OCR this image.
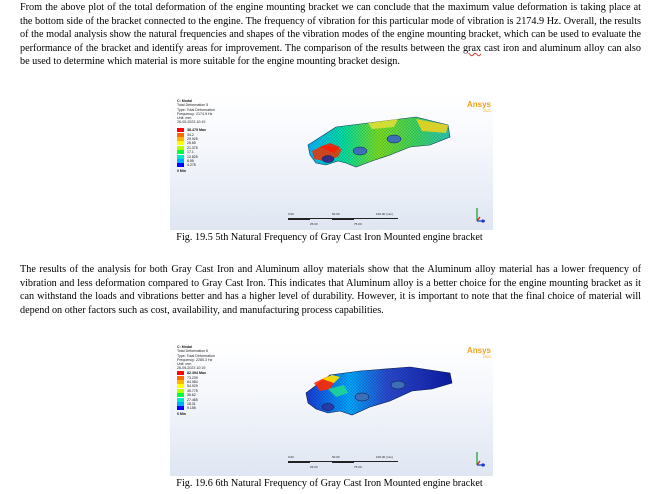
From the above plot of the total deformation of the engine mounting bracket we can conclude that the maximum value deformation is taking place at the bottom side of the bracket connected to the engine. The frequency of vibration for this particular mode of vibration is 2174.9 Hz. Overall, the results of the modal analysis show the natural frequencies and shapes of the vibration modes of the engine mounting bracket, which can be used to evaluate the performance of the bracket and identify areas for improvement. The comparison of the results between the grax cast iron and aluminum alloy can also be used to determine which material is more suitable for the engine mounting bracket design.

C: Modal
Total Deformation 5
Type: Total Deformation
Frequency: 2174.9 Hz
Unit: mm
26-05-2023 10:19
38.479 Max
34.2
29.925
25.65
21.375
17.1
12.825
8.55
4.275
0 Min
Ansys
2021
0.00	50.00	100.00 (mm)
25.00	75.00
Fig. 19.5 5th Natural Frequency of Gray Cast Iron Mounted engine bracket

The results of the analysis for both Gray Cast Iron and Aluminum alloy materials show that the Aluminum alloy material has a lower frequency of vibration and less deformation compared to Gray Cast Iron. This indicates that Aluminum alloy is a better choice for the engine mounting bracket as it can withstand the loads and vibrations better and has a higher level of durability. However, it is important to note that the final choice of material will depend on other factors such as cost, availability, and manufacturing process capabilities.

C: Modal
Total Deformation 6
Type: Total Deformation
Frequency: 2285.3 Hz
Unit: mm
26-05-2023 10:19
82.394 Max
73.239
64.084
54.929
45.775
36.62
27.465
18.31
9.155
0 Min
Ansys
2021
0.00	50.00	100.00 (mm)
25.00	75.00
Fig. 19.6 6th Natural Frequency of Gray Cast Iron Mounted engine bracket
